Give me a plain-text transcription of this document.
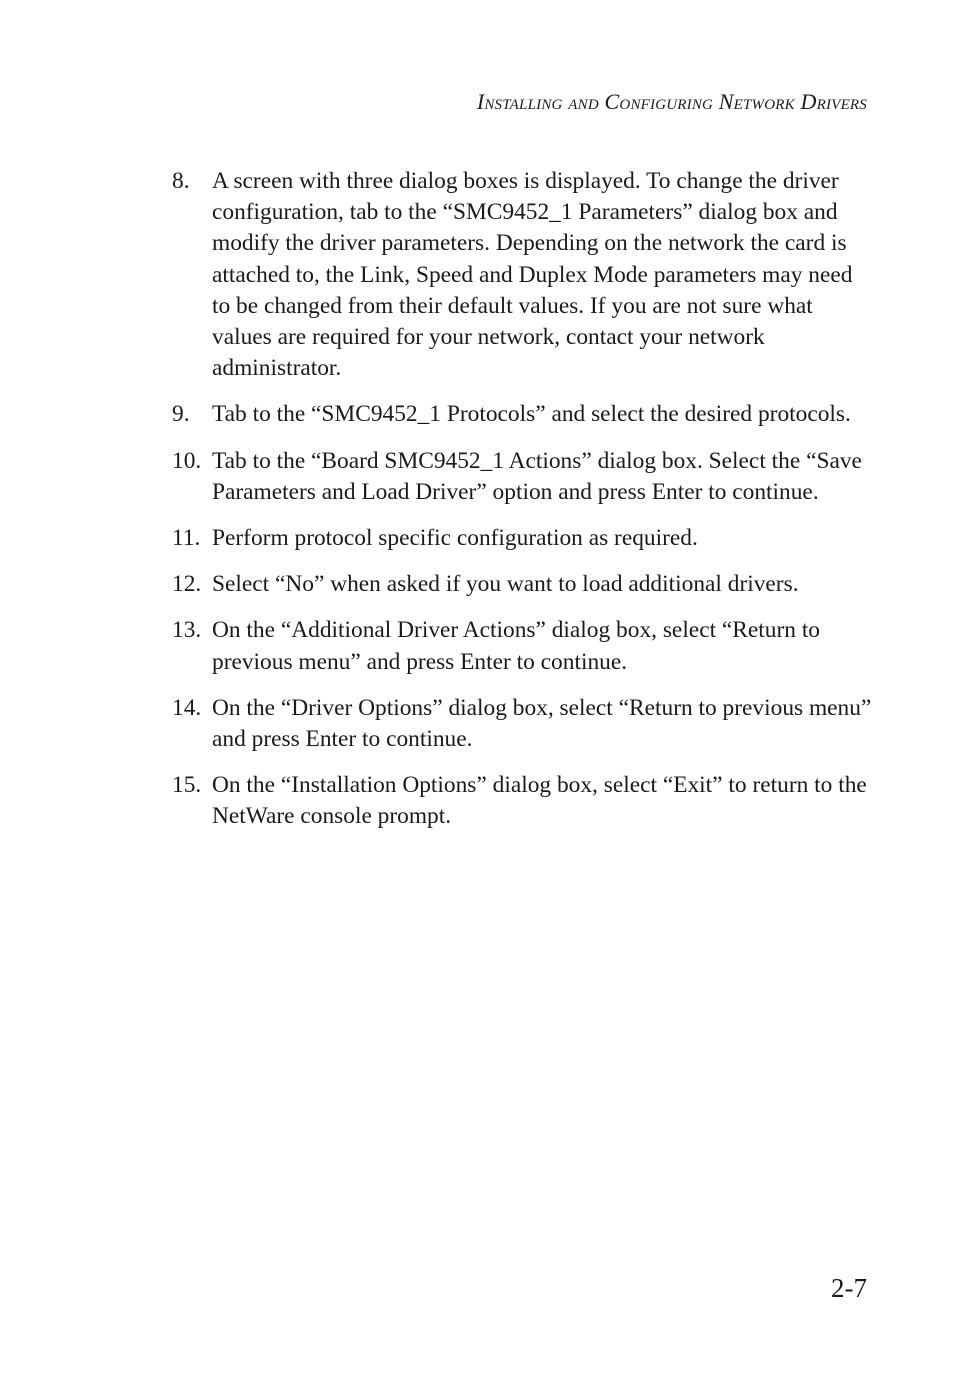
Installing and Configuring Network Drivers
8. A screen with three dialog boxes is displayed. To change the driver configuration, tab to the “SMC9452_1 Parameters” dialog box and modify the driver parameters. Depending on the network the card is attached to, the Link, Speed and Duplex Mode parameters may need to be changed from their default values. If you are not sure what values are required for your network, contact your network administrator.
9. Tab to the “SMC9452_1 Protocols” and select the desired protocols.
10. Tab to the “Board SMC9452_1 Actions” dialog box. Select the “Save Parameters and Load Driver” option and press Enter to continue.
11. Perform protocol specific configuration as required.
12. Select “No” when asked if you want to load additional drivers.
13. On the “Additional Driver Actions” dialog box, select “Return to previous menu” and press Enter to continue.
14. On the “Driver Options” dialog box, select “Return to previous menu” and press Enter to continue.
15. On the “Installation Options” dialog box, select “Exit” to return to the NetWare console prompt.
2-7
